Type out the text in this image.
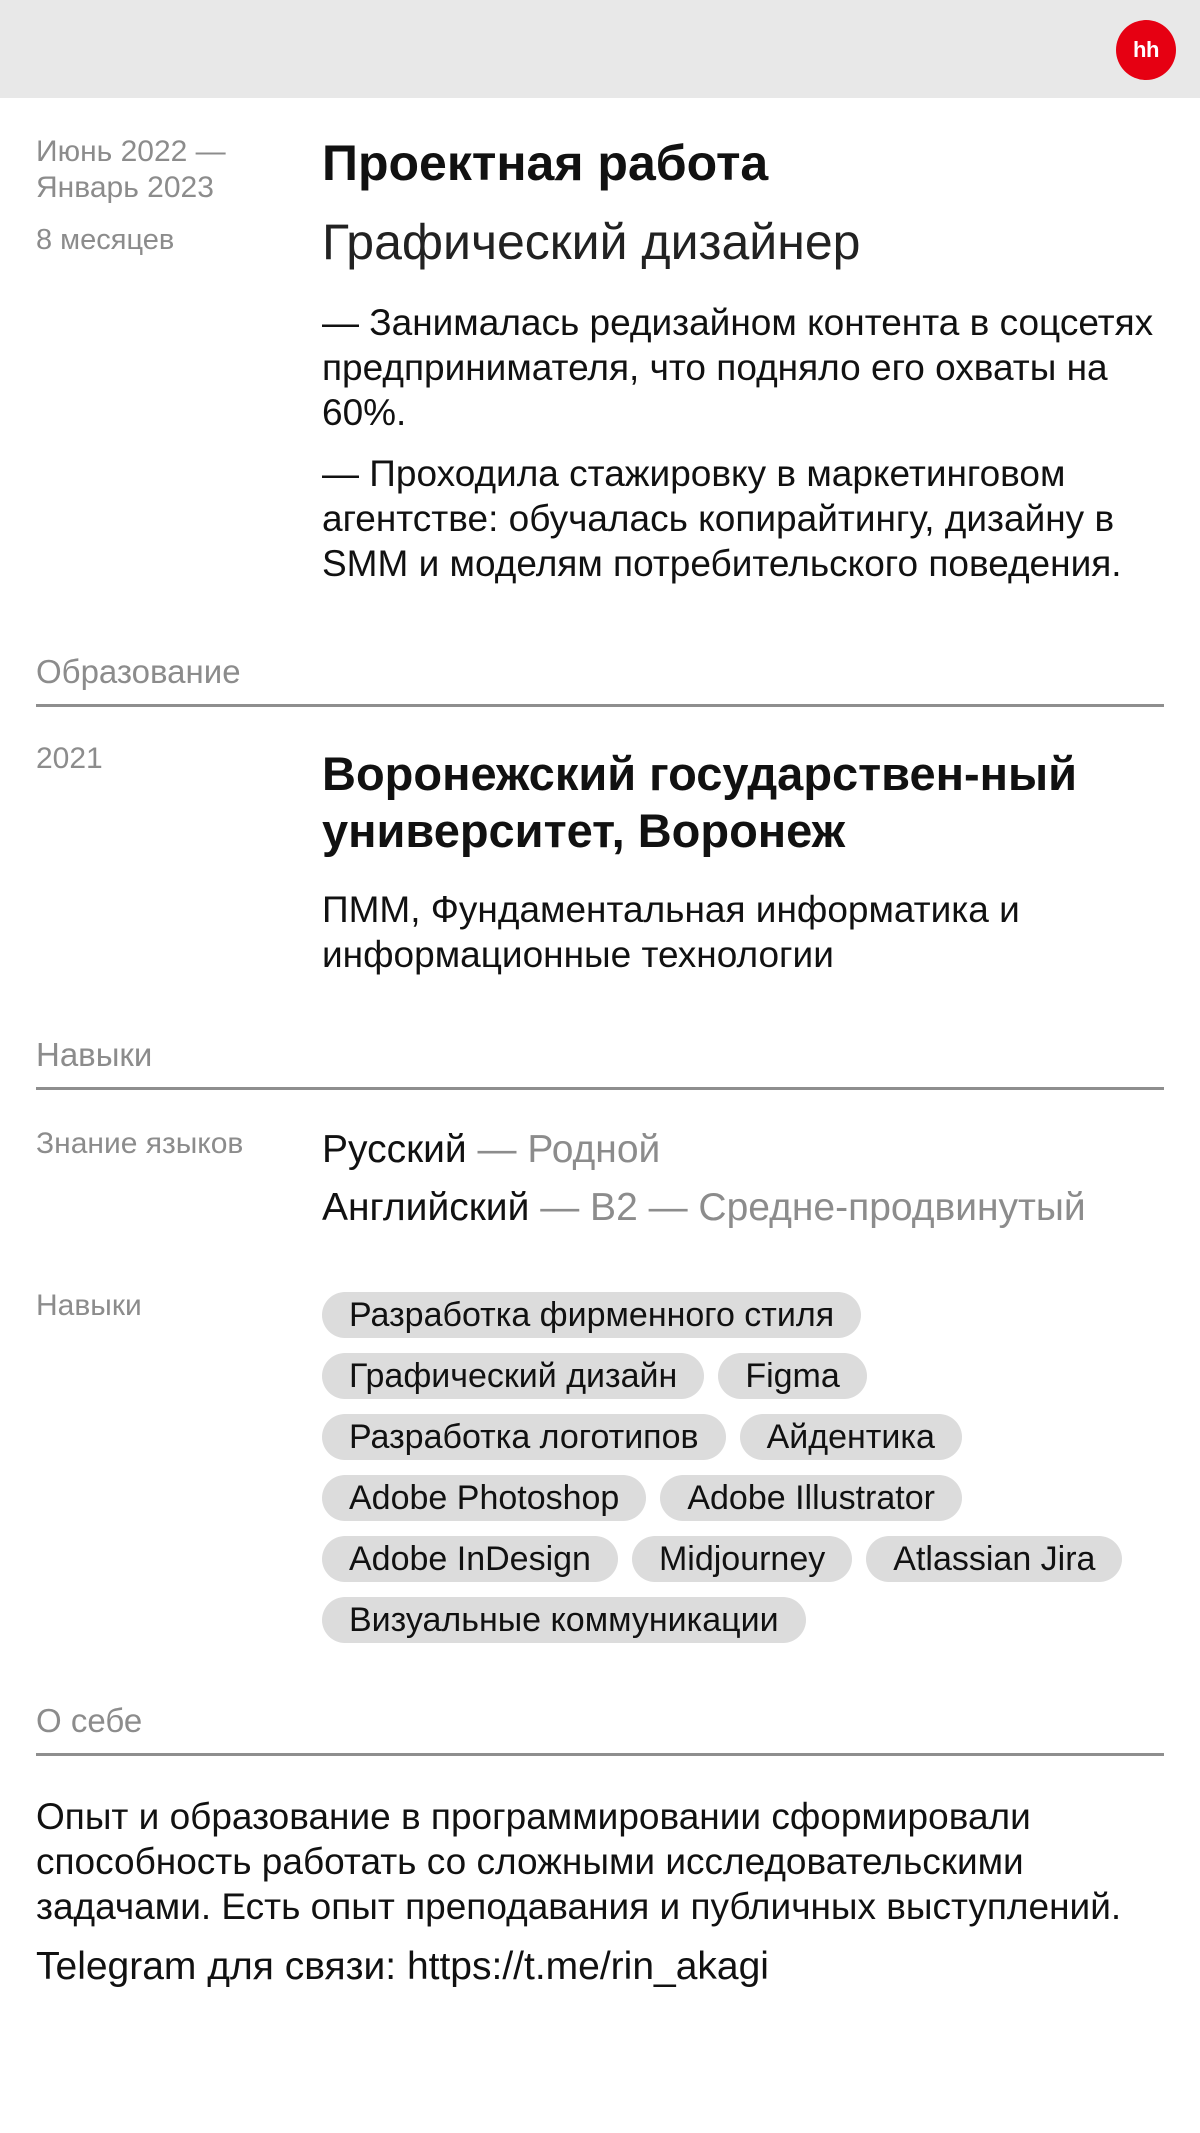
hh
Июнь 2022 — Январь 2023
8 месяцев
Проектная работа
Графический дизайнер

— Занималась редизайном контента в соцсетях предпринимателя, что подняло его охваты на 60%.

— Проходила стажировку в маркетинговом агентстве: обучалась копирайтингу, дизайну в SMM и моделям потребительского поведения.

Образование
2021	Воронежский государствен-ный университет, Воронеж
ПММ, Фундаментальная информатика и информационные технологии
Навыки
Знание языков	Русский — Родной
Английский — B2 — Средне-продвинутый
Навыки	Разработка фирменного стиля
Графический дизайн	Figma
Разработка логотипов	Айдентика
Adobe Photoshop	Adobe Illustrator
Adobe InDesign	Midjourney	Atlassian Jira
Визуальные коммуникации
О себе
Опыт и образование в программировании сформировали способность работать со сложными исследовательскими задачами. Есть опыт преподавания и публичных выступлений.
Telegram для связи: https://t.me/rin_akagi
